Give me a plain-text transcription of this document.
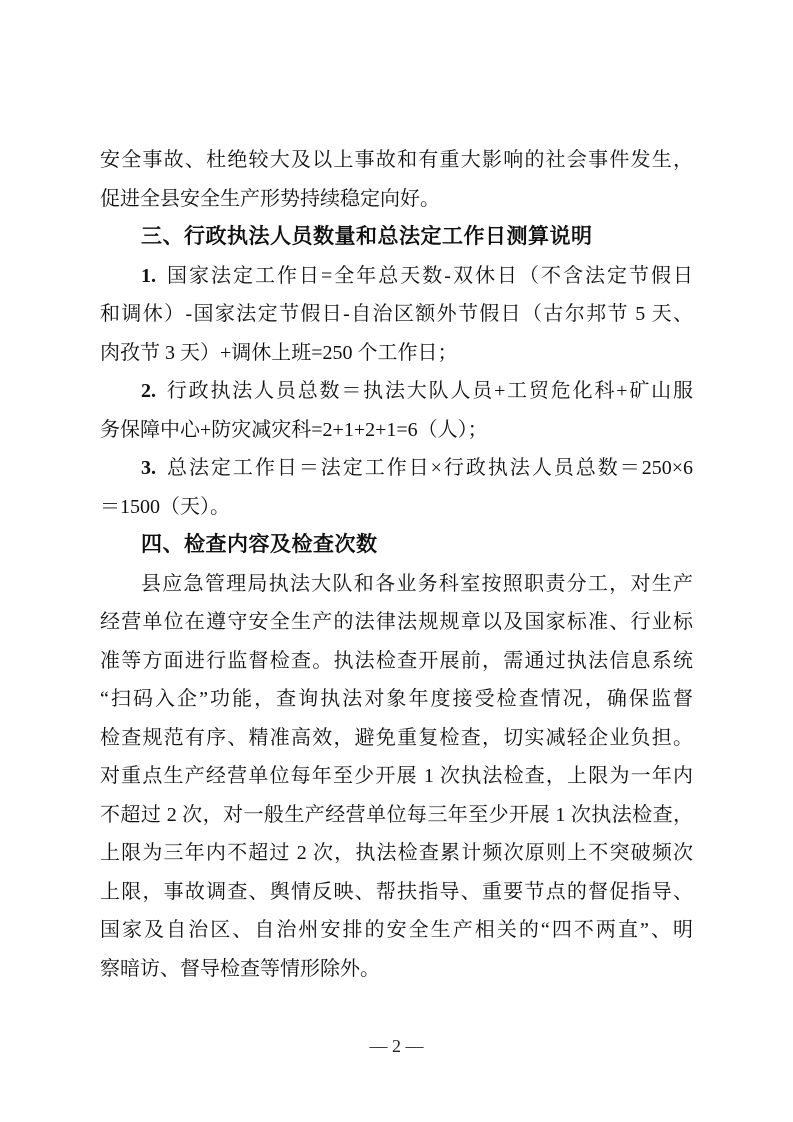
安全事故、杜绝较大及以上事故和有重大影响的社会事件发生，
促进全县安全生产形势持续稳定向好。
三、行政执法人员数量和总法定工作日测算说明
1. 国家法定工作日=全年总天数-双休日（不含法定节假日
和调休）-国家法定节假日-自治区额外节假日（古尔邦节 5 天、
肉孜节 3 天）+调休上班=250 个工作日；
2. 行政执法人员总数＝执法大队人员+工贸危化科+矿山服
务保障中心+防灾减灾科=2+1+2+1=6（人）；
3. 总法定工作日＝法定工作日×行政执法人员总数＝250×6
＝1500（天）。
四、检查内容及检查次数
县应急管理局执法大队和各业务科室按照职责分工，对生产
经营单位在遵守安全生产的法律法规规章以及国家标准、行业标
准等方面进行监督检查。执法检查开展前，需通过执法信息系统
“扫码入企”功能，查询执法对象年度接受检查情况，确保监督
检查规范有序、精准高效，避免重复检查，切实减轻企业负担。
对重点生产经营单位每年至少开展 1 次执法检查，上限为一年内
不超过 2 次，对一般生产经营单位每三年至少开展 1 次执法检查，
上限为三年内不超过 2 次，执法检查累计频次原则上不突破频次
上限，事故调查、舆情反映、帮扶指导、重要节点的督促指导、
国家及自治区、自治州安排的安全生产相关的“四不两直”、明
察暗访、督导检查等情形除外。
— 2 —
